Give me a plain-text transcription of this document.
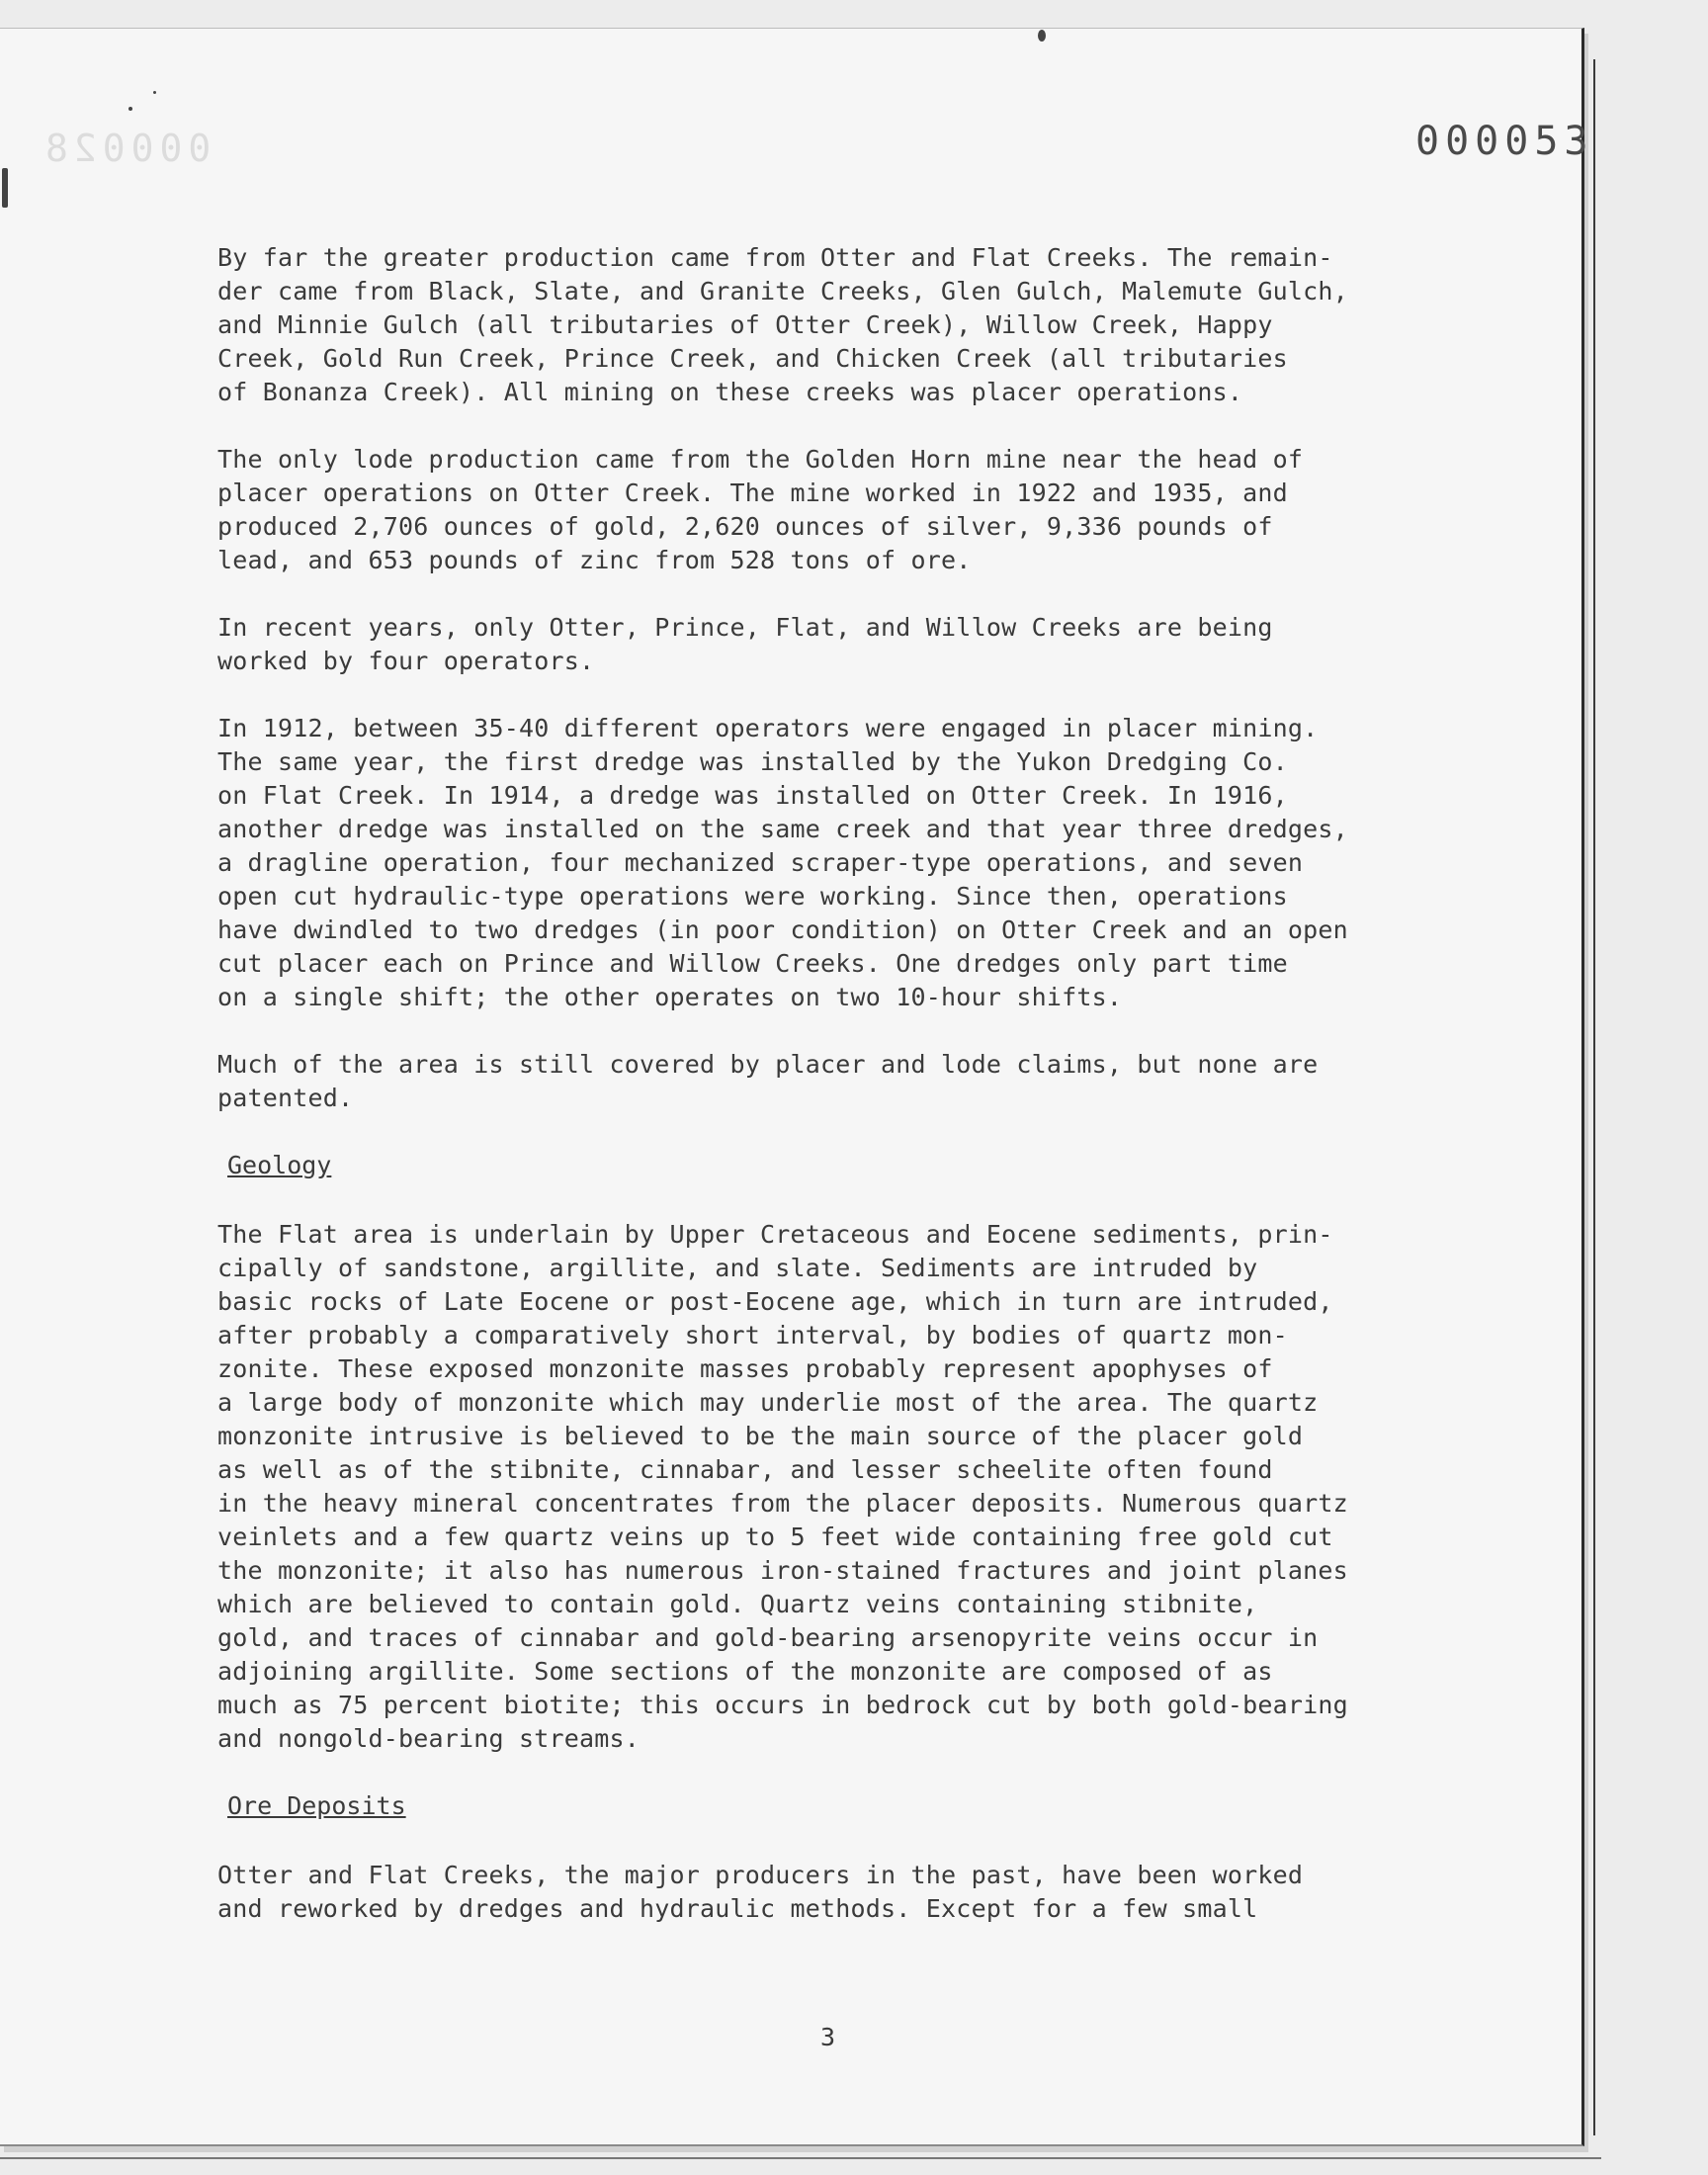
000028	000053

By far the greater production came from Otter and Flat Creeks. The remain-
der came from Black, Slate, and Granite Creeks, Glen Gulch, Malemute Gulch,
and Minnie Gulch (all tributaries of Otter Creek), Willow Creek, Happy
Creek, Gold Run Creek, Prince Creek, and Chicken Creek (all tributaries
of Bonanza Creek). All mining on these creeks was placer operations.

The only lode production came from the Golden Horn mine near the head of
placer operations on Otter Creek. The mine worked in 1922 and 1935, and
produced 2,706 ounces of gold, 2,620 ounces of silver, 9,336 pounds of
lead, and 653 pounds of zinc from 528 tons of ore.

In recent years, only Otter, Prince, Flat, and Willow Creeks are being
worked by four operators.

In 1912, between 35-40 different operators were engaged in placer mining.
The same year, the first dredge was installed by the Yukon Dredging Co.
on Flat Creek. In 1914, a dredge was installed on Otter Creek. In 1916,
another dredge was installed on the same creek and that year three dredges,
a dragline operation, four mechanized scraper-type operations, and seven
open cut hydraulic-type operations were working. Since then, operations
have dwindled to two dredges (in poor condition) on Otter Creek and an open
cut placer each on Prince and Willow Creeks. One dredges only part time
on a single shift; the other operates on two 10-hour shifts.

Much of the area is still covered by placer and lode claims, but none are
patented.

Geology

The Flat area is underlain by Upper Cretaceous and Eocene sediments, prin-
cipally of sandstone, argillite, and slate. Sediments are intruded by
basic rocks of Late Eocene or post-Eocene age, which in turn are intruded,
after probably a comparatively short interval, by bodies of quartz mon-
zonite. These exposed monzonite masses probably represent apophyses of
a large body of monzonite which may underlie most of the area. The quartz
monzonite intrusive is believed to be the main source of the placer gold
as well as of the stibnite, cinnabar, and lesser scheelite often found
in the heavy mineral concentrates from the placer deposits. Numerous quartz
veinlets and a few quartz veins up to 5 feet wide containing free gold cut
the monzonite; it also has numerous iron-stained fractures and joint planes
which are believed to contain gold. Quartz veins containing stibnite,
gold, and traces of cinnabar and gold-bearing arsenopyrite veins occur in
adjoining argillite. Some sections of the monzonite are composed of as
much as 75 percent biotite; this occurs in bedrock cut by both gold-bearing
and nongold-bearing streams.

Ore Deposits

Otter and Flat Creeks, the major producers in the past, have been worked
and reworked by dredges and hydraulic methods. Except for a few small

3
